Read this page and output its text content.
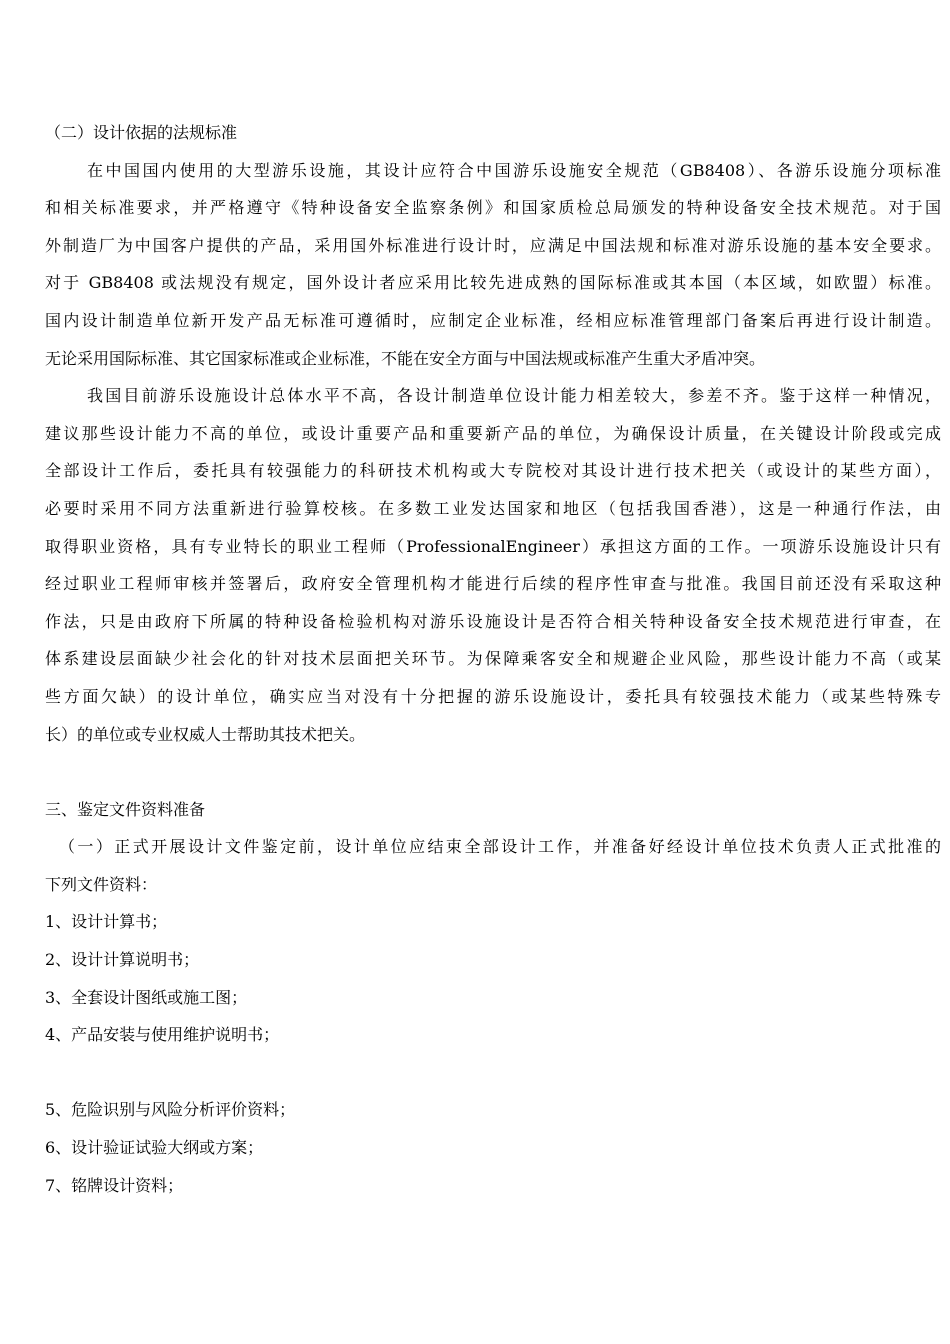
（二）设计依据的法规标准
在中国国内使用的大型游乐设施，其设计应符合中国游乐设施安全规范（GB8408）、各游乐设施分项标准
和相关标准要求，并严格遵守《特种设备安全监察条例》和国家质检总局颁发的特种设备安全技术规范。对于国
外制造厂为中国客户提供的产品，采用国外标准进行设计时，应满足中国法规和标准对游乐设施的基本安全要求。
对于 GB8408 或法规没有规定，国外设计者应采用比较先进成熟的国际标准或其本国（本区域，如欧盟）标准。
国内设计制造单位新开发产品无标准可遵循时，应制定企业标准，经相应标准管理部门备案后再进行设计制造。
无论采用国际标准、其它国家标准或企业标准，不能在安全方面与中国法规或标准产生重大矛盾冲突。
我国目前游乐设施设计总体水平不高，各设计制造单位设计能力相差较大，参差不齐。鉴于这样一种情况，
建议那些设计能力不高的单位，或设计重要产品和重要新产品的单位，为确保设计质量，在关键设计阶段或完成
全部设计工作后，委托具有较强能力的科研技术机构或大专院校对其设计进行技术把关（或设计的某些方面），
必要时采用不同方法重新进行验算校核。在多数工业发达国家和地区（包括我国香港），这是一种通行作法，由
取得职业资格，具有专业特长的职业工程师（ProfessionalEngineer）承担这方面的工作。一项游乐设施设计只有
经过职业工程师审核并签署后，政府安全管理机构才能进行后续的程序性审查与批准。我国目前还没有采取这种
作法，只是由政府下所属的特种设备检验机构对游乐设施设计是否符合相关特种设备安全技术规范进行审查，在
体系建设层面缺少社会化的针对技术层面把关环节。为保障乘客安全和规避企业风险，那些设计能力不高（或某
些方面欠缺）的设计单位，确实应当对没有十分把握的游乐设施设计，委托具有较强技术能力（或某些特殊专
长）的单位或专业权威人士帮助其技术把关。
三、鉴定文件资料准备
（一）正式开展设计文件鉴定前，设计单位应结束全部设计工作，并准备好经设计单位技术负责人正式批准的
下列文件资料：
1、设计计算书；
2、设计计算说明书；
3、全套设计图纸或施工图；
4、产品安装与使用维护说明书；
5、危险识别与风险分析评价资料；
6、设计验证试验大纲或方案；
7、铭牌设计资料；
